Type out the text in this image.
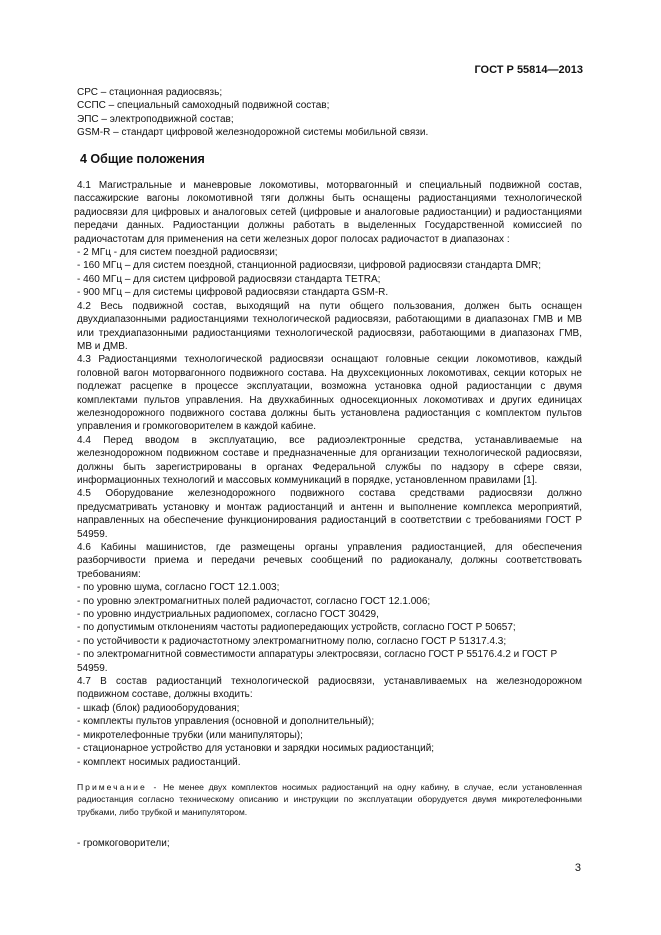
ГОСТ Р 55814—2013

СРС – стационная радиосвязь;

ССПС – специальный самоходный подвижной состав;

ЭПС – электроподвижной состав;

GSM-R – стандарт цифровой железнодорожной системы мобильной связи.

4 Общие положения

4.1 Магистральные и маневровые локомотивы, моторвагонный и специальный подвижной состав, пассажирские вагоны локомотивной тяги должны быть оснащены радиостанциями технологической радиосвязи для цифровых и аналоговых сетей (цифровые и аналоговые радиостанции) и радиостанциями передачи данных. Радиостанции должны работать в выделенных Государственной комиссией по радиочастотам для применения на сети железных дорог полосах радиочастот в диапазонах :

- 2 МГц - для систем поездной радиосвязи;

- 160 МГц – для систем поездной, станционной радиосвязи, цифровой радиосвязи стандарта DMR;

- 460 МГц – для систем цифровой радиосвязи стандарта TETRA;

- 900 МГц – для системы цифровой радиосвязи стандарта GSM-R.

4.2 Весь подвижной состав, выходящий на пути общего пользования, должен быть оснащен двухдиапазонными радиостанциями технологической радиосвязи, работающими в диапазонах ГМВ и МВ или трехдиапазонными радиостанциями технологической радиосвязи, работающими в диапазонах ГМВ, МВ и ДМВ.

4.3 Радиостанциями технологической радиосвязи оснащают головные секции локомотивов, каждый головной вагон моторвагонного подвижного состава. На двухсекционных локомотивах, секции которых не подлежат расцепке в процессе эксплуатации, возможна установка одной радиостанции с двумя комплектами пультов управления. На двухкабинных односекционных локомотивах и других единицах железнодорожного подвижного состава должны быть установлена радиостанция с комплектом пультов управления и громкоговорителем в каждой кабине.

4.4 Перед вводом в эксплуатацию, все радиоэлектронные средства, устанавливаемые на железнодорожном подвижном составе и предназначенные для организации технологической радиосвязи, должны быть зарегистрированы в органах Федеральной службы по надзору в сфере связи, информационных технологий и массовых коммуникаций в порядке, установленном правилами [1].

4.5 Оборудование железнодорожного подвижного состава средствами радиосвязи должно предусматривать установку и монтаж радиостанций и антенн и выполнение комплекса мероприятий, направленных на обеспечение функционирования радиостанций в соответствии с требованиями ГОСТ Р 54959.

4.6 Кабины машинистов, где размещены органы управления радиостанцией, для обеспечения разборчивости приема и передачи речевых сообщений по радиоканалу, должны соответствовать требованиям:

- по уровню шума, согласно ГОСТ 12.1.003;

- по уровню электромагнитных полей радиочастот, согласно ГОСТ 12.1.006;

- по уровню индустриальных радиопомех, согласно ГОСТ 30429,

- по допустимым отклонениям частоты радиопередающих устройств, согласно ГОСТ Р 50657;

- по устойчивости к радиочастотному электромагнитному полю, согласно ГОСТ Р 51317.4.3;

- по электромагнитной совместимости аппаратуры электросвязи, согласно ГОСТ Р 55176.4.2 и ГОСТ Р 54959.

4.7 В состав радиостанций технологической радиосвязи, устанавливаемых на железнодорожном подвижном составе, должны входить:

- шкаф (блок) радиооборудования;

- комплекты пультов управления (основной и дополнительный);

- микротелефонные трубки (или манипуляторы);

- стационарное устройство для установки и зарядки носимых радиостанций;

- комплект носимых радиостанций.

Примечание - Не менее двух комплектов носимых радиостанций на одну кабину, в случае, если установленная радиостанция согласно техническому описанию и инструкции по эксплуатации оборудуется двумя микротелефонными трубками, либо трубкой и манипулятором.

- громкоговорители;

3
